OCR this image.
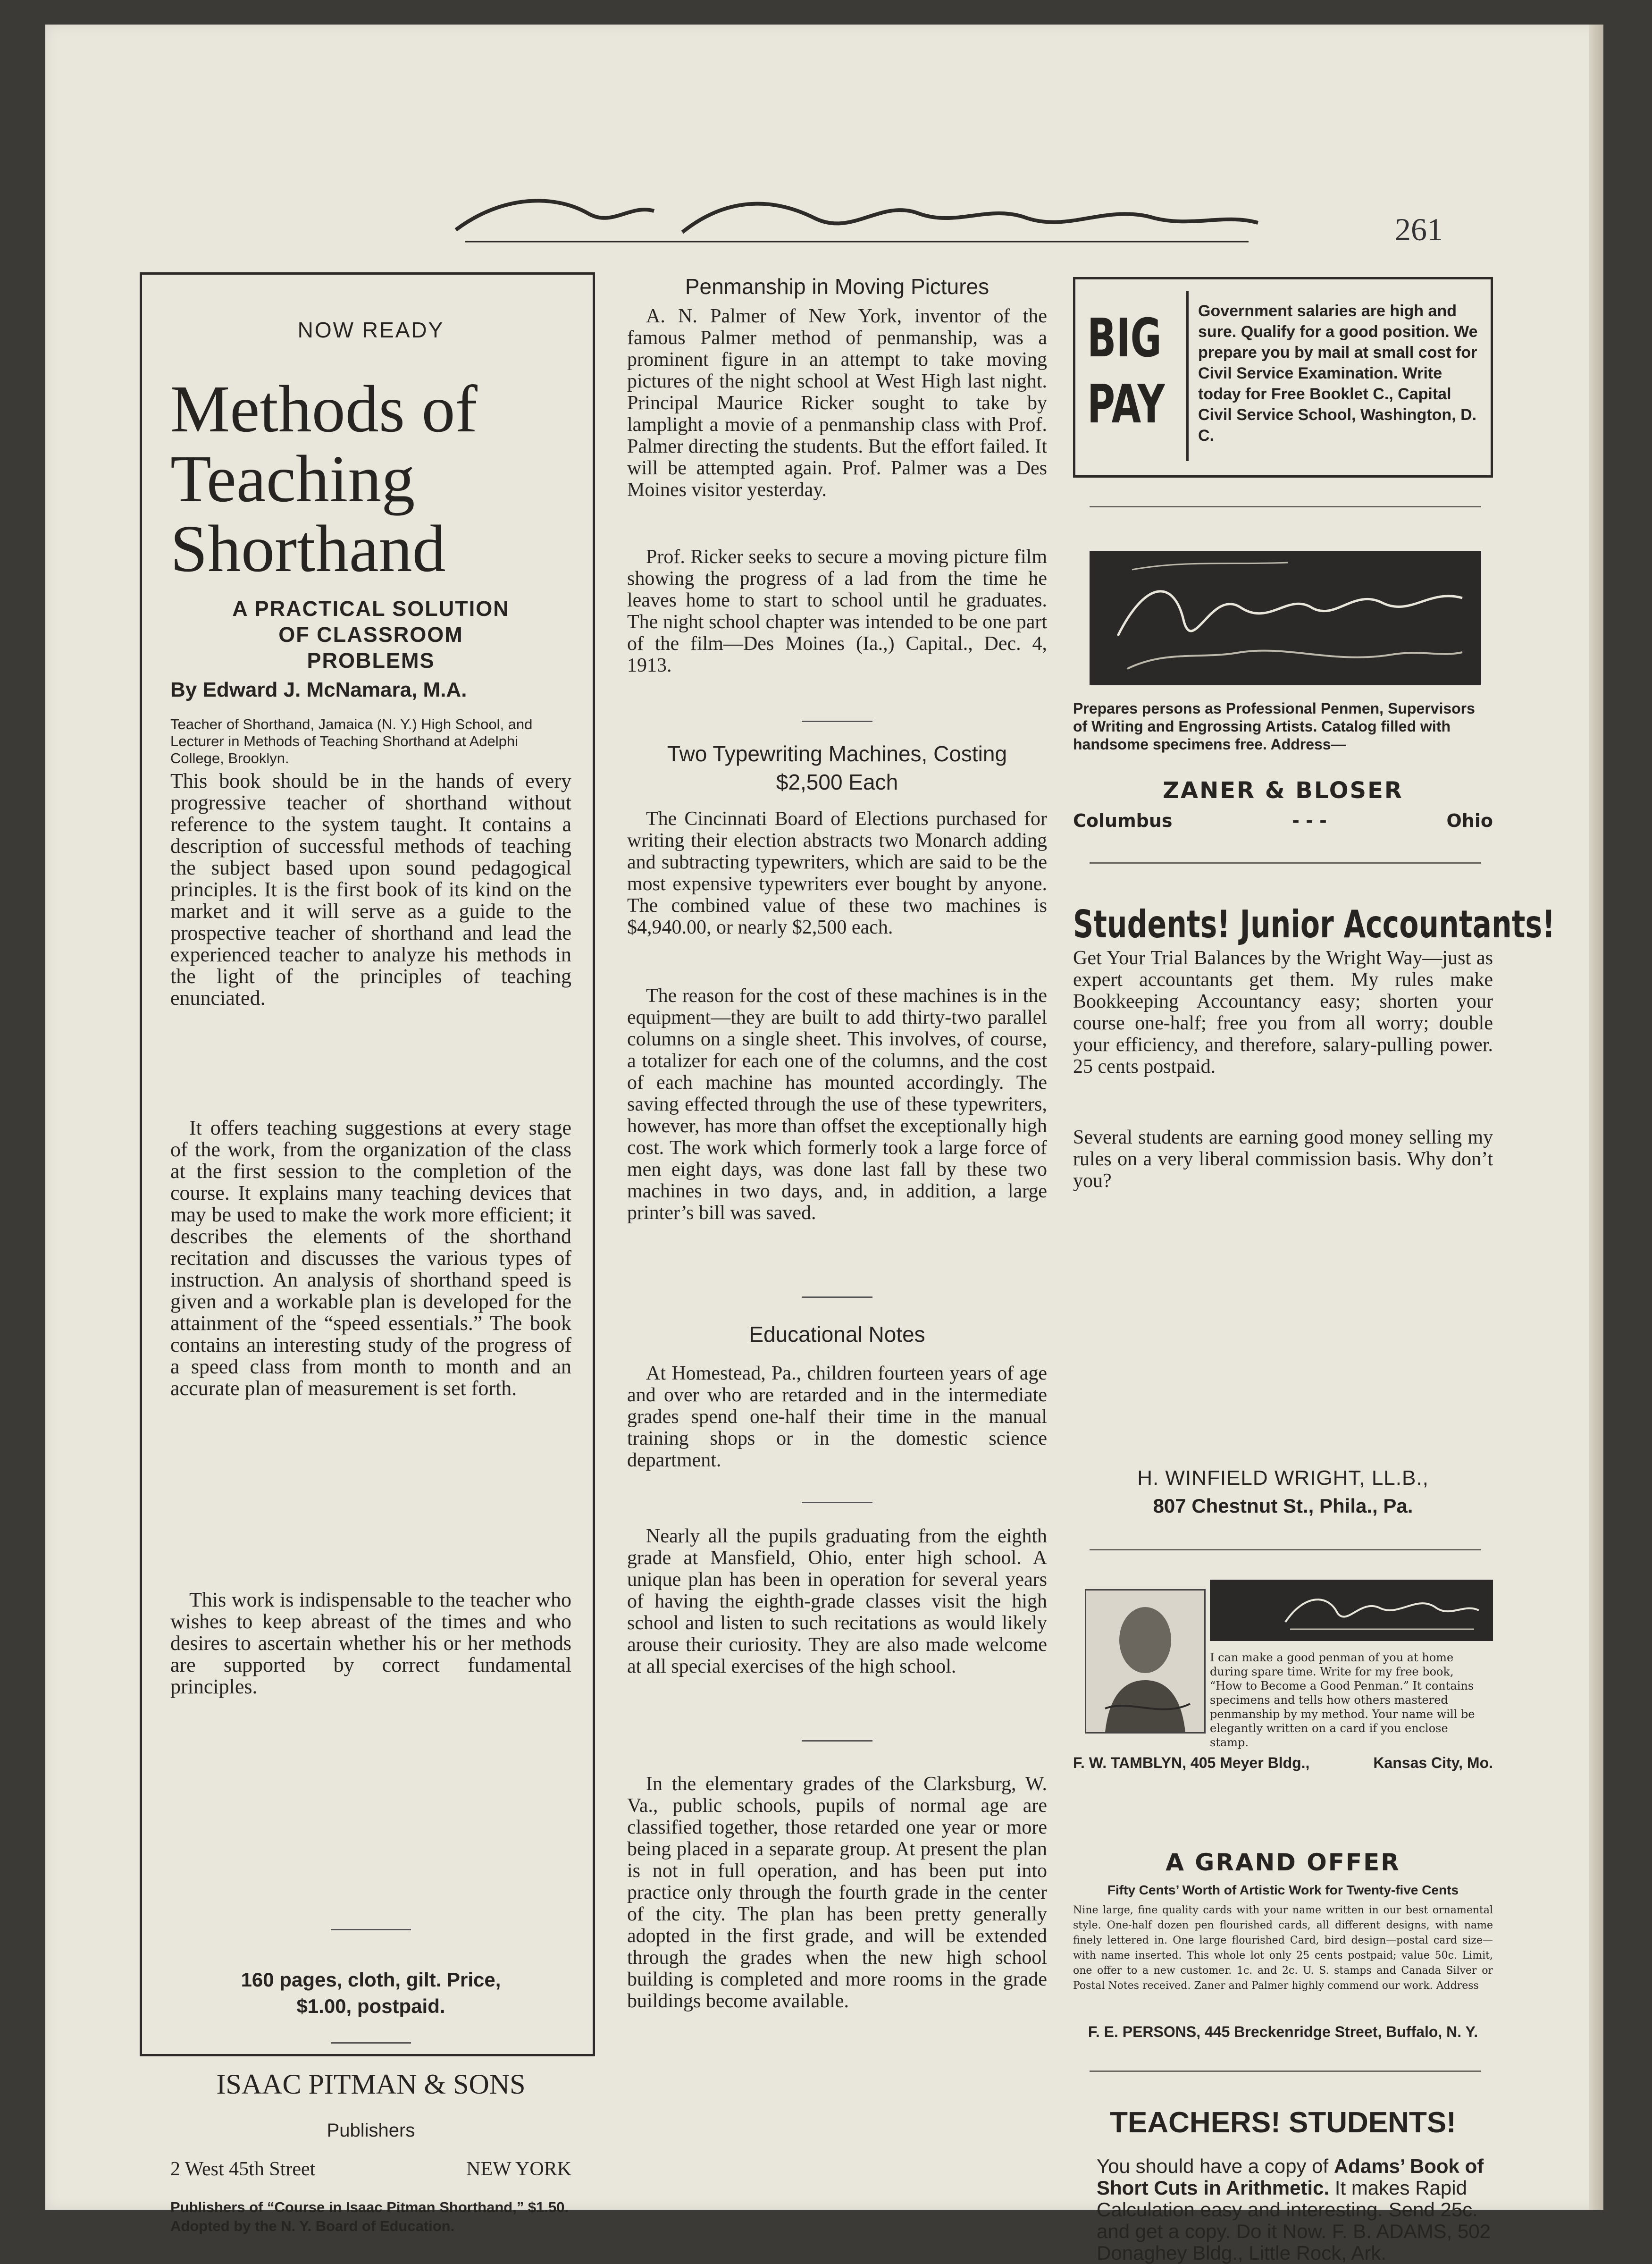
261
NOW READY
Methods of
Teaching
Shorthand
A PRACTICAL SOLUTION
OF CLASSROOM
PROBLEMS
By Edward J. McNamara, M.A.
Teacher of Shorthand, Jamaica (N. Y.) High School, and Lecturer in Methods of Teaching Shorthand at Adelphi College, Brooklyn.
This book should be in the hands of every progressive teacher of shorthand without reference to the system taught. It contains a description of successful methods of teaching the subject based upon sound pedagogical principles. It is the first book of its kind on the market and it will serve as a guide to the prospective teacher of shorthand and lead the experienced teacher to analyze his methods in the light of the principles of teaching enunciated.
It offers teaching suggestions at every stage of the work, from the organization of the class at the first session to the completion of the course. It explains many teaching devices that may be used to make the work more efficient; it describes the elements of the shorthand recitation and discusses the various types of instruction. An analysis of shorthand speed is given and a workable plan is developed for the attainment of the “speed essentials.” The book contains an interesting study of the progress of a speed class from month to month and an accurate plan of measurement is set forth.
This work is indispensable to the teacher who wishes to keep abreast of the times and who desires to ascertain whether his or her methods are supported by correct fundamental principles.
160 pages, cloth, gilt. Price,
$1.00, postpaid.
ISAAC PITMAN & SONS
Publishers
2 West 45th Street	NEW YORK
Publishers of “Course in Isaac Pitman Shorthand,” $1.50. Adopted by the N. Y. Board of Education.
Penmanship in Moving Pictures
A. N. Palmer of New York, inventor of the famous Palmer method of penmanship, was a prominent figure in an attempt to take moving pictures of the night school at West High last night. Principal Maurice Ricker sought to take by lamplight a movie of a penmanship class with Prof. Palmer directing the students. But the effort failed. It will be attempted again. Prof. Palmer was a Des Moines visitor yesterday.
Prof. Ricker seeks to secure a moving picture film showing the progress of a lad from the time he leaves home to start to school until he graduates. The night school chapter was intended to be one part of the film—Des Moines (Ia.,) Capital., Dec. 4, 1913.
Two Typewriting Machines, Costing
$2,500 Each
The Cincinnati Board of Elections purchased for writing their election abstracts two Monarch adding and subtracting typewriters, which are said to be the most expensive typewriters ever bought by anyone. The combined value of these two machines is $4,940.00, or nearly $2,500 each.
The reason for the cost of these machines is in the equipment—they are built to add thirty-two parallel columns on a single sheet. This involves, of course, a totalizer for each one of the columns, and the cost of each machine has mounted accordingly. The saving effected through the use of these typewriters, however, has more than offset the exceptionally high cost. The work which formerly took a large force of men eight days, was done last fall by these two machines in two days, and, in addition, a large printer’s bill was saved.
Educational Notes
At Homestead, Pa., children fourteen years of age and over who are retarded and in the intermediate grades spend one-half their time in the manual training shops or in the domestic science department.
Nearly all the pupils graduating from the eighth grade at Mansfield, Ohio, enter high school. A unique plan has been in operation for several years of having the eighth-grade classes visit the high school and listen to such recitations as would likely arouse their curiosity. They are also made welcome at all special exercises of the high school.
In the elementary grades of the Clarksburg, W. Va., public schools, pupils of normal age are classified together, those retarded one year or more being placed in a separate group. At present the plan is not in full operation, and has been put into practice only through the fourth grade in the center of the city. The plan has been pretty generally adopted in the first grade, and will be extended through the grades when the new high school building is completed and more rooms in the grade buildings become available.
BIG
PAY
Government salaries are high and sure. Qualify for a good position. We prepare you by mail at small cost for Civil Service Examination. Write today for Free Booklet C., Capital Civil Service School, Washington, D. C.
Prepares persons as Professional Penmen, Supervisors of Writing and Engrossing Artists. Catalog filled with handsome specimens free. Address—
ZANER & BLOSER
Columbus	- - -	Ohio
Students! Junior Accountants!
Get Your Trial Balances by the Wright Way—just as expert accountants get them. My rules make Bookkeeping Accountancy easy; shorten your course one-half; free you from all worry; double your efficiency, and therefore, salary-pulling power. 25 cents postpaid.
Several students are earning good money selling my rules on a very liberal commission basis. Why don’t you?
H. WINFIELD WRIGHT, LL.B.,
807 Chestnut St., Phila., Pa.
I can make a good penman of you at home during spare time. Write for my free book, “How to Become a Good Penman.” It contains specimens and tells how others mastered penmanship by my method. Your name will be elegantly written on a card if you enclose stamp.
F. W. TAMBLYN, 405 Meyer Bldg.,	Kansas City, Mo.
A GRAND OFFER
Fifty Cents’ Worth of Artistic Work for Twenty-five Cents
Nine large, fine quality cards with your name written in our best ornamental style. One-half dozen pen flourished cards, all different designs, with name finely lettered in. One large flourished Card, bird design—postal card size—with name inserted. This whole lot only 25 cents postpaid; value 50c. Limit, one offer to a new customer. 1c. and 2c. U. S. stamps and Canada Silver or Postal Notes received. Zaner and Palmer highly commend our work. Address
F. E. PERSONS, 445 Breckenridge Street, Buffalo, N. Y.
TEACHERS! STUDENTS!
You should have a copy of Adams’ Book of Short Cuts in Arithmetic. It makes Rapid Calculation easy and interesting. Send 25c. and get a copy. Do it Now. F. B. ADAMS, 502 Donaghey Bldg., Little Rock, Ark.
